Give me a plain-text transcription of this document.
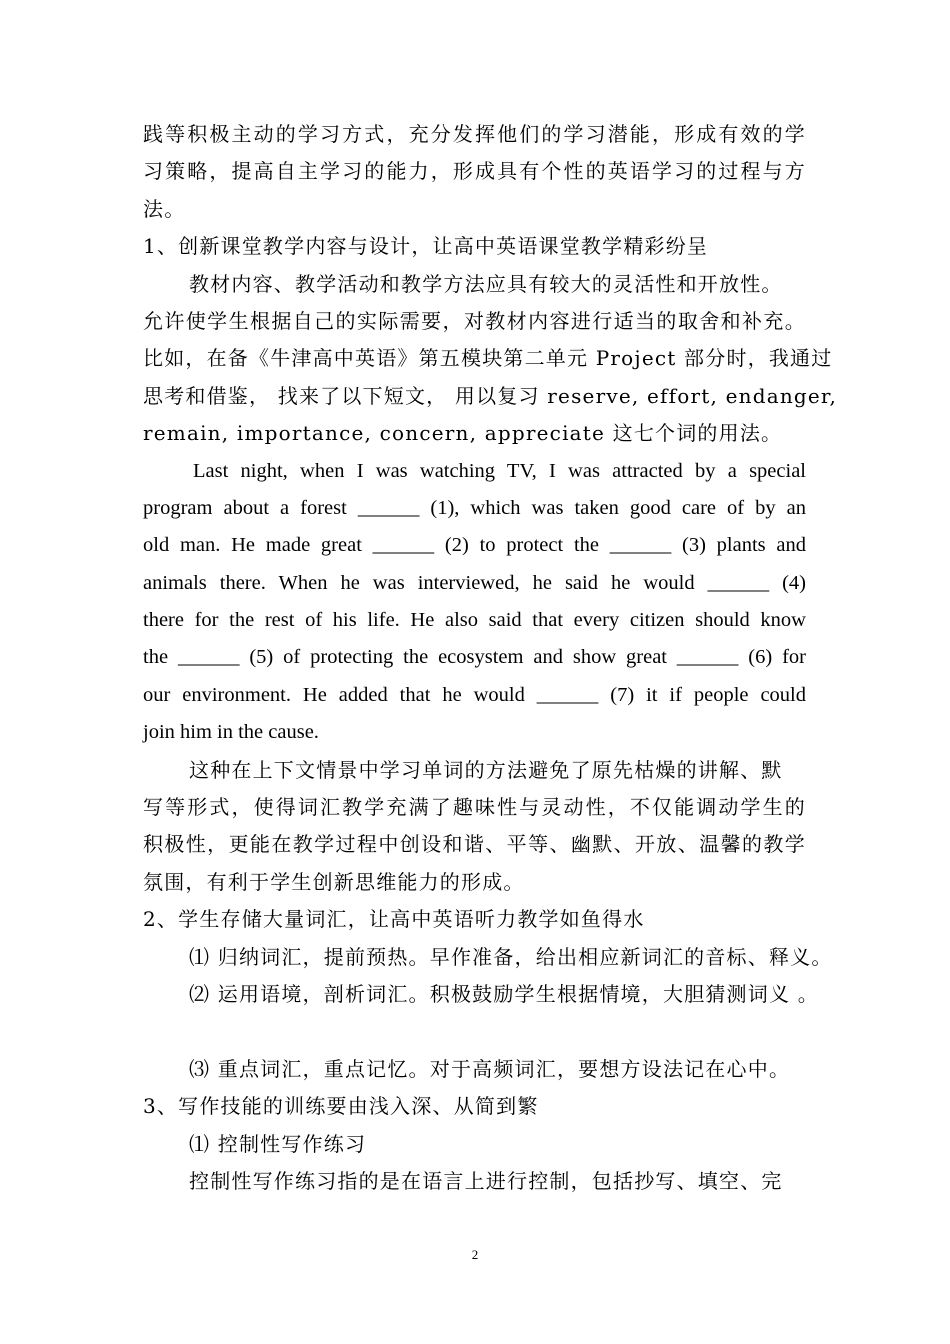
践等积极主动的学习方式，充分发挥他们的学习潜能，形成有效的学
习策略，提高自主学习的能力，形成具有个性的英语学习的过程与方
法。
1、创新课堂教学内容与设计，让高中英语课堂教学精彩纷呈
教材内容、教学活动和教学方法应具有较大的灵活性和开放性。
允许使学生根据自己的实际需要，对教材内容进行适当的取舍和补充。
比如，在备《牛津高中英语》第五模块第二单元 Project 部分时，我通过
思考和借鉴， 找来了以下短文， 用以复习 reserve, effort, endanger,
remain, importance, concern, appreciate 这七个词的用法。
Last night, when I was watching TV, I was attracted by a special
program about a forest ______ (1), which was taken good care of by an
old man. He made great ______ (2) to protect the ______ (3) plants and
animals there. When he was interviewed, he said he would ______ (4)
there for the rest of his life. He also said that every citizen should know
the ______ (5) of protecting the ecosystem and show great ______ (6) for
our environment. He added that he would ______ (7) it if people could
join him in the cause.
这种在上下文情景中学习单词的方法避免了原先枯燥的讲解、默
写等形式，使得词汇教学充满了趣味性与灵动性，不仅能调动学生的
积极性，更能在教学过程中创设和谐、平等、幽默、开放、温馨的教学
氛围，有利于学生创新思维能力的形成。
2、学生存储大量词汇，让高中英语听力教学如鱼得水
⑴ 归纳词汇，提前预热。早作准备，给出相应新词汇的音标、释义。
⑵ 运用语境，剖析词汇。积极鼓励学生根据情境，大胆猜测词义 。
⑶ 重点词汇，重点记忆。对于高频词汇，要想方设法记在心中。
3、写作技能的训练要由浅入深、从简到繁
⑴ 控制性写作练习
控制性写作练习指的是在语言上进行控制，包括抄写、填空、完
2
